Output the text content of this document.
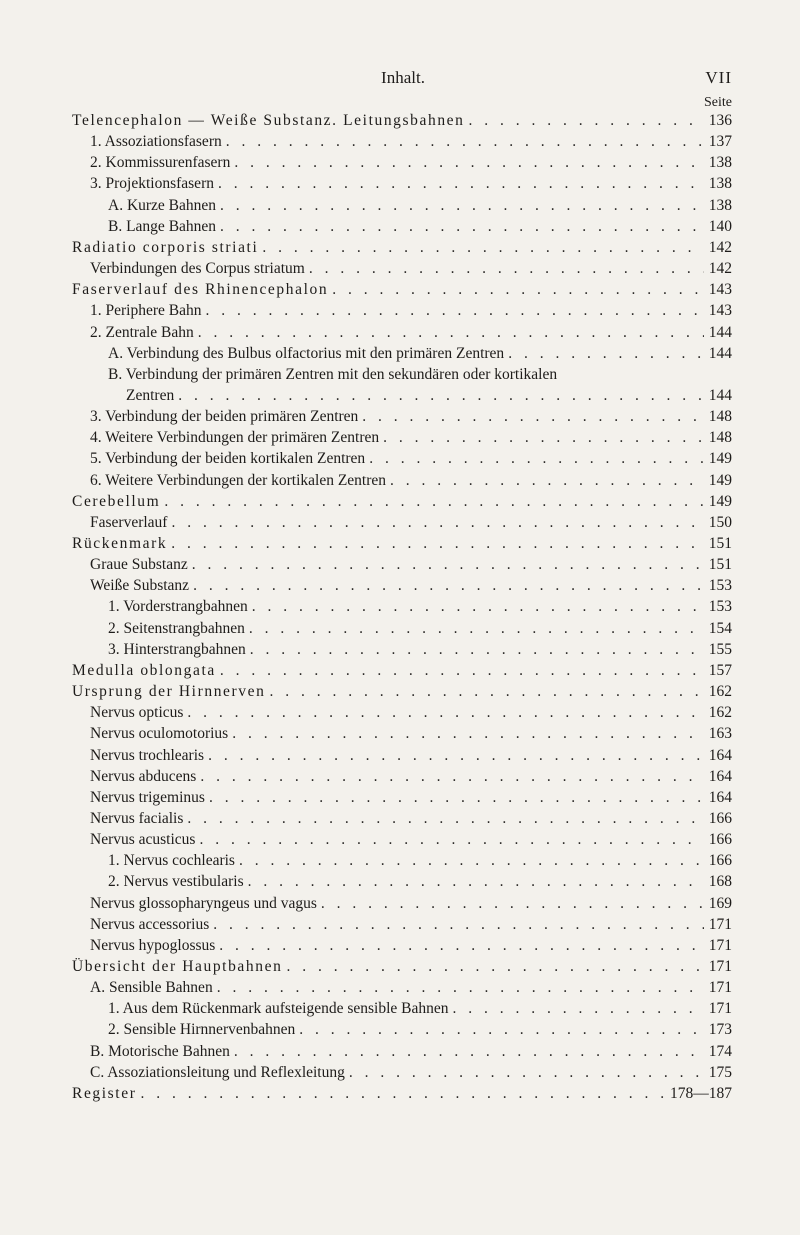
Inhalt.	VII
Seite
Telencephalon — Weiße Substanz. Leitungsbahnen . . .	136
1. Assoziationsfasern . . .	137
2. Kommissurenfasern . . .	138
3. Projektionsfasern . . .	138
A. Kurze Bahnen . . .	138
B. Lange Bahnen . . .	140
Radiatio corporis striati . . .	142
Verbindungen des Corpus striatum . . .	142
Faserverlauf des Rhinencephalon . . .	143
1. Periphere Bahn . . .	143
2. Zentrale Bahn . . .	144
A. Verbindung des Bulbus olfactorius mit den primären Zentren . . .	144
B. Verbindung der primären Zentren mit den sekundären oder kortikalen
Zentren . . .	144
3. Verbindung der beiden primären Zentren . . .	148
4. Weitere Verbindungen der primären Zentren . . .	148
5. Verbindung der beiden kortikalen Zentren . . .	149
6. Weitere Verbindungen der kortikalen Zentren . . .	149
Cerebellum . . .	149
Faserverlauf . . .	150
Rückenmark . . .	151
Graue Substanz . . .	151
Weiße Substanz . . .	153
1. Vorderstrangbahnen . . .	153
2. Seitenstrangbahnen . . .	154
3. Hinterstrangbahnen . . .	155
Medulla oblongata . . .	157
Ursprung der Hirnnerven . . .	162
Nervus opticus . . .	162
Nervus oculomotorius . . .	163
Nervus trochlearis . . .	164
Nervus abducens . . .	164
Nervus trigeminus . . .	164
Nervus facialis . . .	166
Nervus acusticus . . .	166
1. Nervus cochlearis . . .	166
2. Nervus vestibularis . . .	168
Nervus glossopharyngeus und vagus . . .	169
Nervus accessorius . . .	171
Nervus hypoglossus . . .	171
Übersicht der Hauptbahnen . . .	171
A. Sensible Bahnen . . .	171
1. Aus dem Rückenmark aufsteigende sensible Bahnen . . .	171
2. Sensible Hirnnervenbahnen . . .	173
B. Motorische Bahnen . . .	174
C. Assoziationsleitung und Reflexleitung . . .	175
Register . . .	178—187
